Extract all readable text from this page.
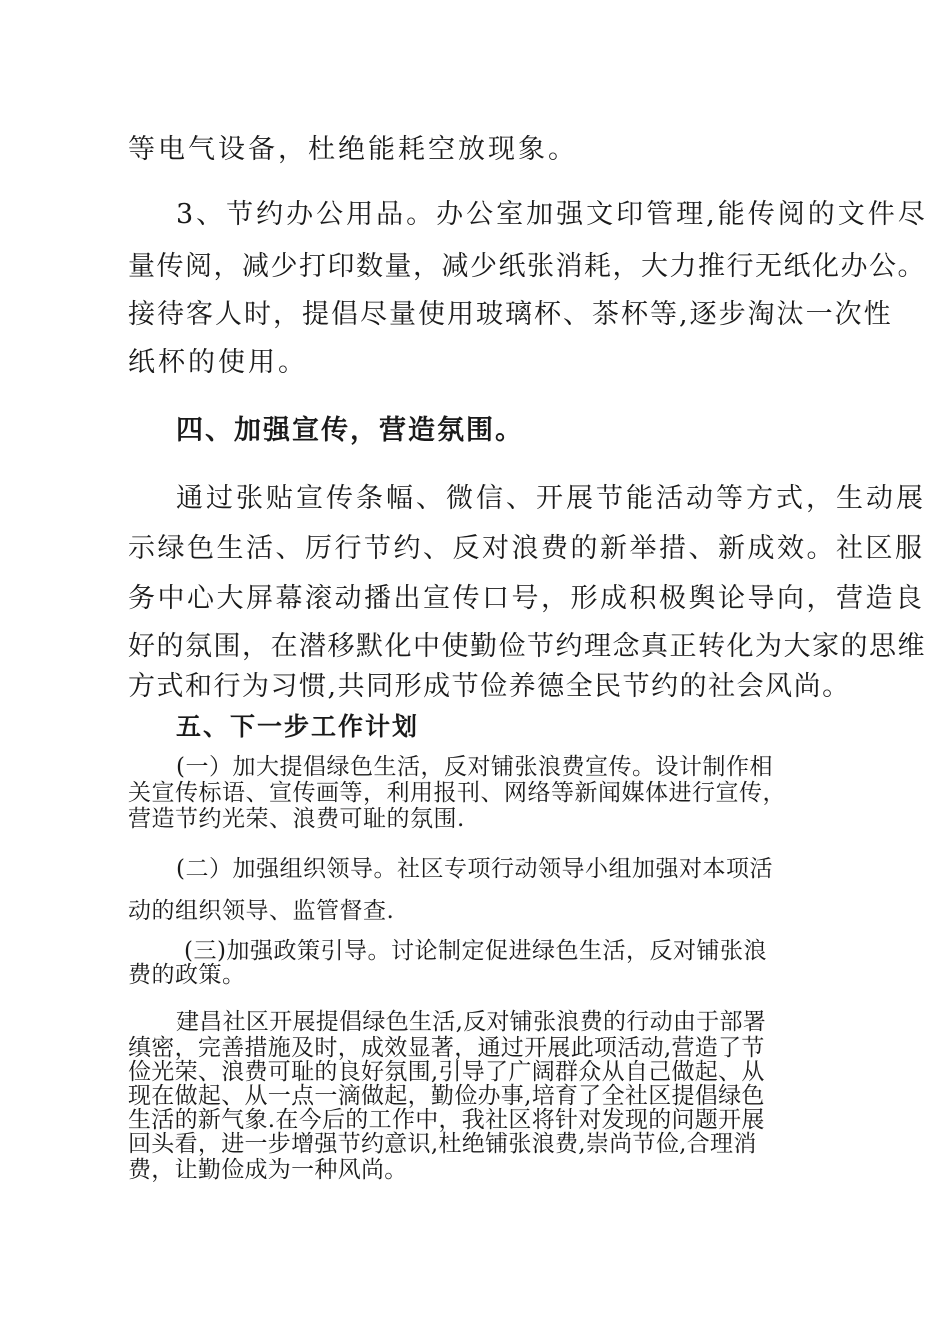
等电气设备，杜绝能耗空放现象。
3、节约办公用品。办公室加强文印管理,能传阅的文件尽
量传阅，减少打印数量，减少纸张消耗，大力推行无纸化办公。
接待客人时，提倡尽量使用玻璃杯、茶杯等,逐步淘汰一次性
纸杯的使用。
四、加强宣传，营造氛围。
通过张贴宣传条幅、微信、开展节能活动等方式，生动展
示绿色生活、厉行节约、反对浪费的新举措、新成效。社区服
务中心大屏幕滚动播出宣传口号，形成积极舆论导向，营造良
好的氛围，在潜移默化中使勤俭节约理念真正转化为大家的思维
方式和行为习惯,共同形成节俭养德全民节约的社会风尚。
五、下一步工作计划
(一）加大提倡绿色生活，反对铺张浪费宣传。设计制作相
关宣传标语、宣传画等，利用报刊、网络等新闻媒体进行宣传，
营造节约光荣、浪费可耻的氛围.
(二）加强组织领导。社区专项行动领导小组加强对本项活
动的组织领导、监管督查.
(三)加强政策引导。讨论制定促进绿色生活，反对铺张浪
费的政策。
建昌社区开展提倡绿色生活,反对铺张浪费的行动由于部署
缜密，完善措施及时，成效显著，通过开展此项活动,营造了节
俭光荣、浪费可耻的良好氛围,引导了广阔群众从自己做起、从
现在做起、从一点一滴做起，勤俭办事,培育了全社区提倡绿色
生活的新气象.在今后的工作中，我社区将针对发现的问题开展
回头看，进一步增强节约意识,杜绝铺张浪费,崇尚节俭,合理消
费，让勤俭成为一种风尚。
